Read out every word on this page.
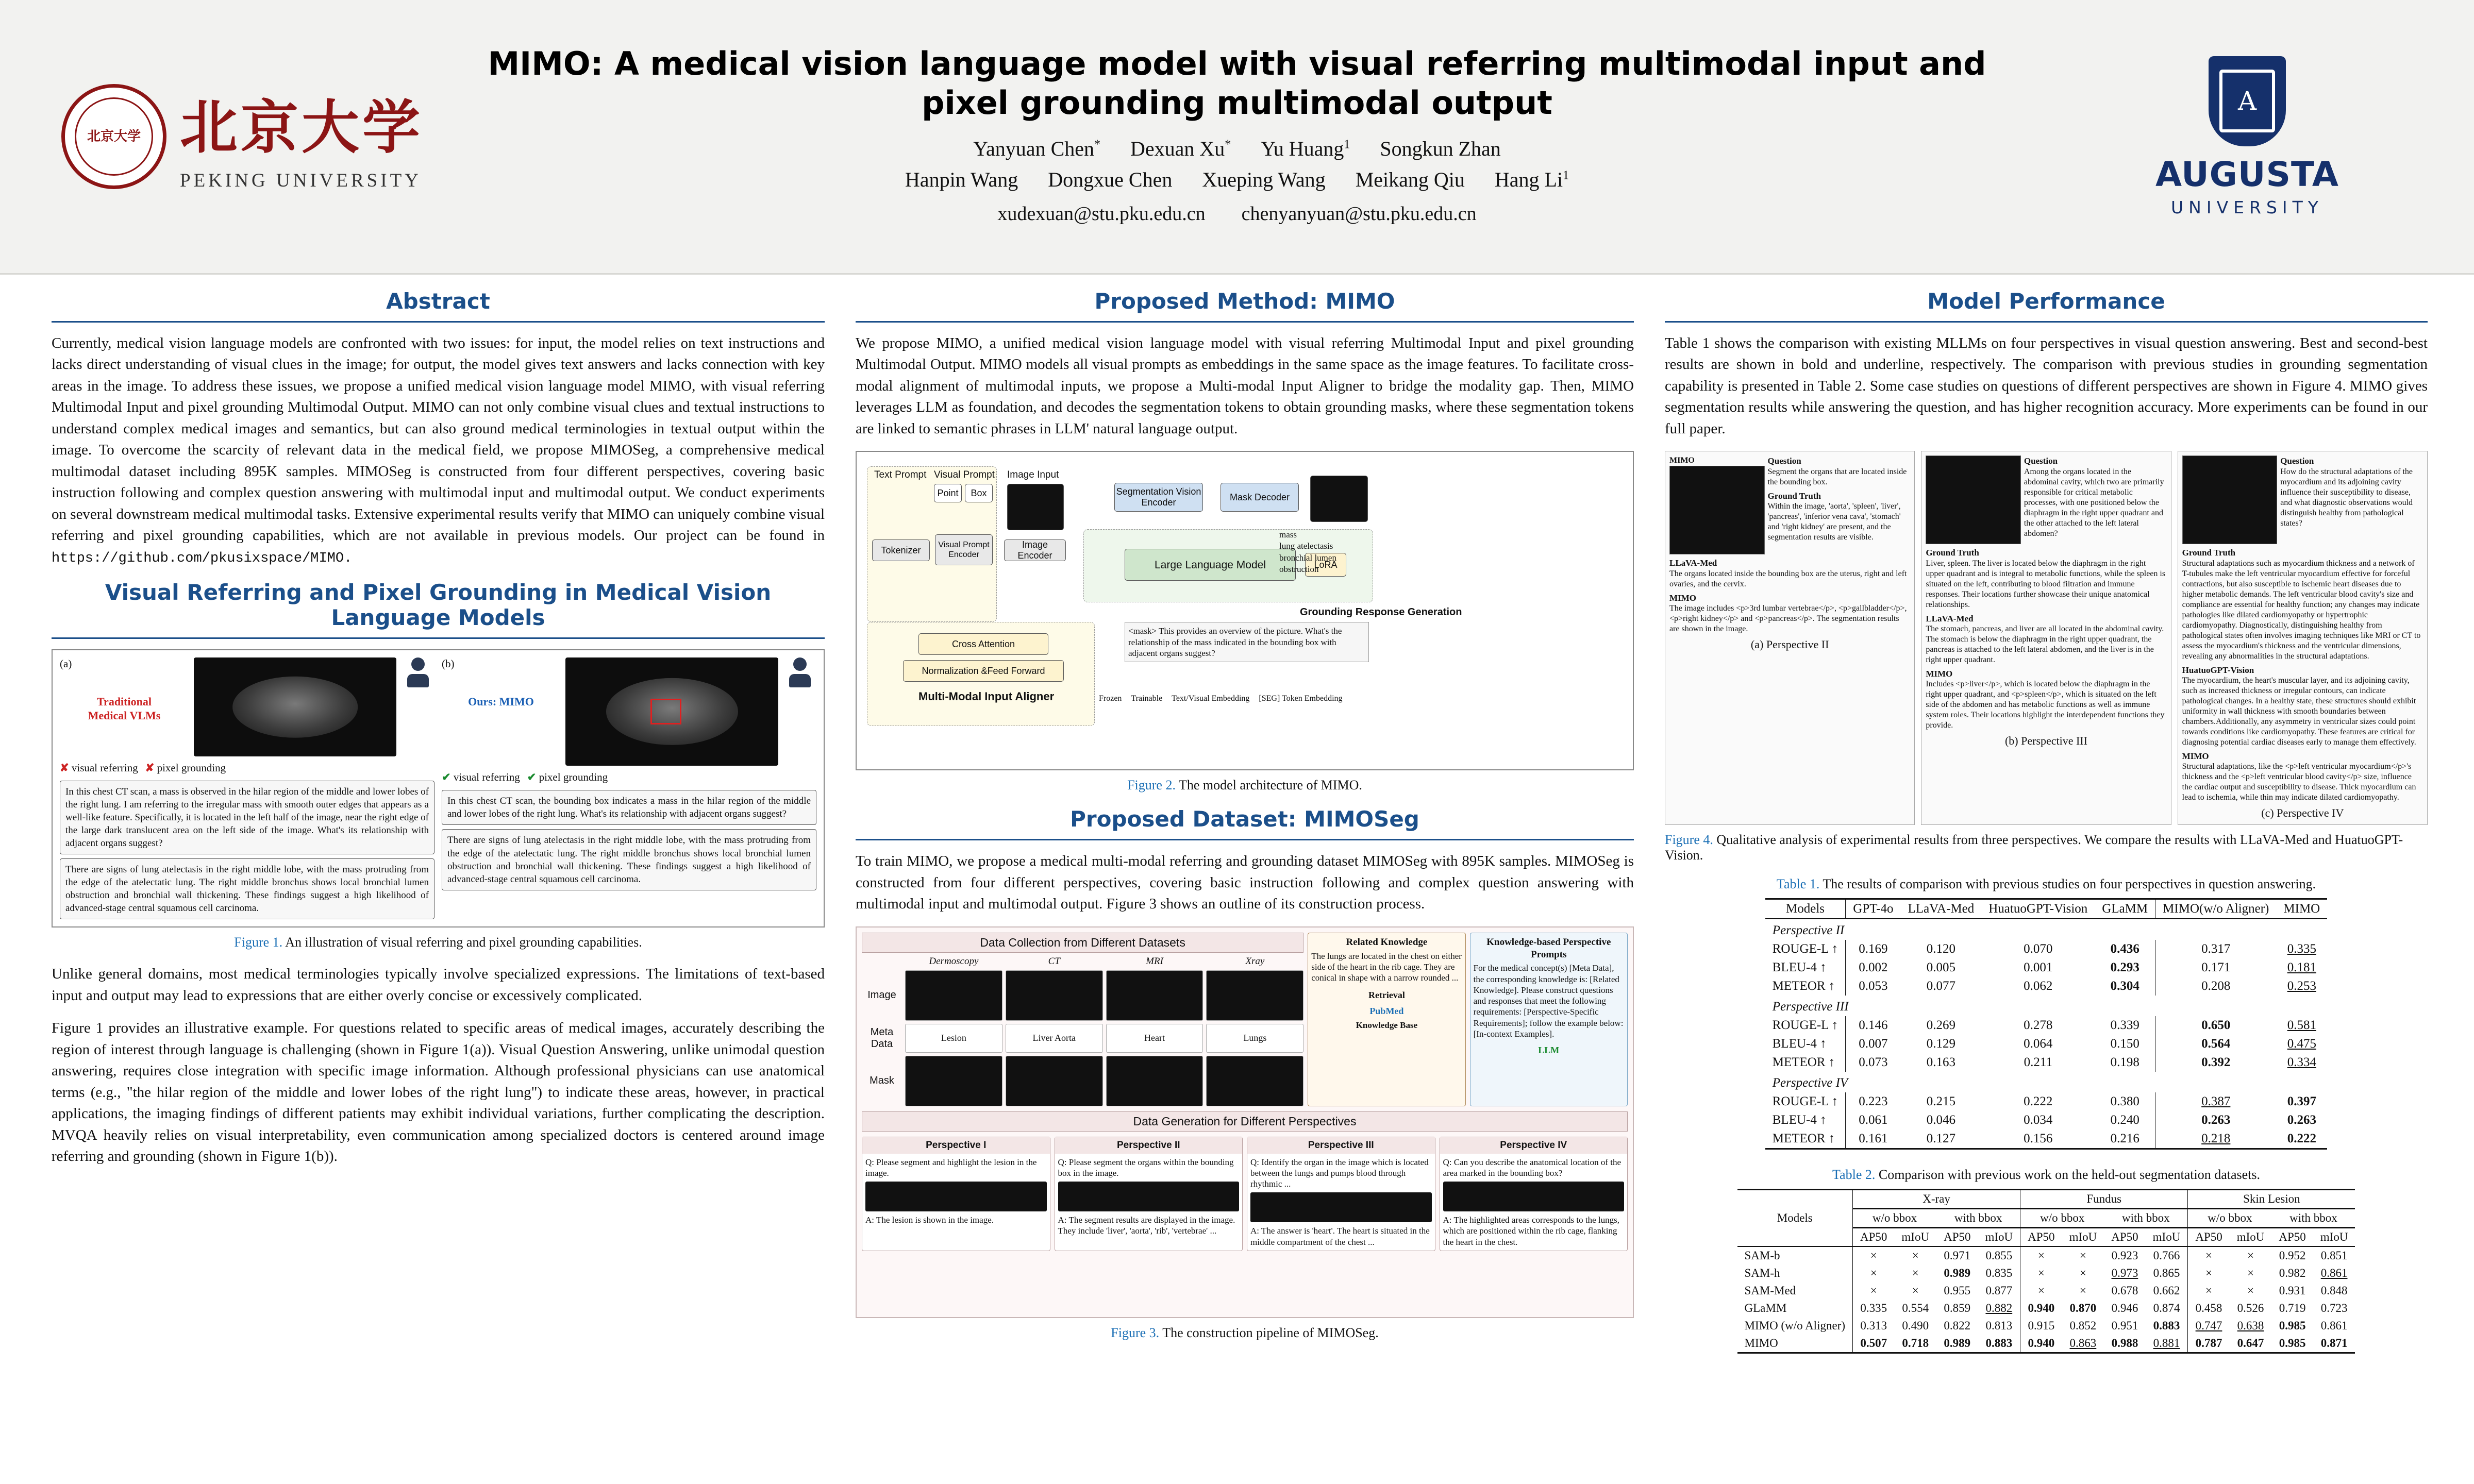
北京大学 北京大学
PEKING UNIVERSITY
MIMO: A medical vision language model with visual referring multimodal input and pixel grounding multimodal output
Yanyuan Chen* Dexuan Xu* Yu Huang$^1$ Songkun Zhan
Hanpin Wang Dongxue Chen Xueping Wang Meikang Qiu Hang Li$^1$
xudexuan@stu.pku.edu.cn chenyanyuan@stu.pku.edu.cn
A
AUGUSTA
UNIVERSITY
Abstract

Currently, medical vision language models are confronted with two issues: for input, the model relies on text instructions and lacks direct understanding of visual clues in the image; for output, the model gives text answers and lacks connection with key areas in the image. To address these issues, we propose a unified medical vision language model MIMO, with visual referring Multimodal Input and pixel grounding Multimodal Output. MIMO can not only combine visual clues and textual instructions to understand complex medical images and semantics, but can also ground medical terminologies in textual output within the image. To overcome the scarcity of relevant data in the medical field, we propose MIMOSeg, a comprehensive medical multimodal dataset including 895K samples. MIMOSeg is constructed from four different perspectives, covering basic instruction following and complex question answering with multimodal input and multimodal output. We conduct experiments on several downstream medical multimodal tasks. Extensive experimental results verify that MIMO can uniquely combine visual referring and pixel grounding capabilities, which are not available in previous models. Our project can be found in https://github.com/pkusixspace/MIMO.

Visual Referring and Pixel Grounding in Medical Vision Language Models
(a)
Traditional
Medical VLMs
✘ visual referring ✘ pixel grounding
In this chest CT scan, a mass is observed in the hilar region of the middle and lower lobes of the right lung. I am referring to the irregular mass with smooth outer edges that appears as a well-like feature. Specifically, it is located in the left half of the image, near the right edge of the large dark translucent area on the left side of the image. What's its relationship with adjacent organs suggest?
There are signs of lung atelectasis in the right middle lobe, with the mass protruding from the edge of the atelectatic lung. The right middle bronchus shows local bronchial lumen obstruction and bronchial wall thickening. These findings suggest a high likelihood of advanced-stage central squamous cell carcinoma.
(b)
Ours: MIMO
✔ visual referring ✔ pixel grounding
In this chest CT scan, the bounding box indicates a mass in the hilar region of the middle and lower lobes of the right lung. What's its relationship with adjacent organs suggest?
There are signs of lung atelectasis in the right middle lobe, with the mass protruding from the edge of the atelectatic lung. The right middle bronchus shows local bronchial lumen obstruction and bronchial wall thickening. These findings suggest a high likelihood of advanced-stage central squamous cell carcinoma.
Figure 1. An illustration of visual referring and pixel grounding capabilities.

Unlike general domains, most medical terminologies typically involve specialized expressions. The limitations of text-based input and output may lead to expressions that are either overly concise or excessively complicated.

Figure 1 provides an illustrative example. For questions related to specific areas of medical images, accurately describing the region of interest through language is challenging (shown in Figure 1(a)). Visual Question Answering, unlike unimodal question answering, requires close integration with specific image information. Although professional physicians can use anatomical terms (e.g., "the hilar region of the middle and lower lobes of the right lung") to indicate these areas, however, in practical applications, the imaging findings of different patients may exhibit individual variations, further complicating the description. MVQA heavily relies on visual interpretability, even communication among specialized doctors is centered around image referring and grounding (shown in Figure 1(b)).

Proposed Method: MIMO

We propose MIMO, a unified medical vision language model with visual referring Multimodal Input and pixel grounding Multimodal Output. MIMO models all visual prompts as embeddings in the same space as the image features. To facilitate cross-modal alignment of multimodal inputs, we propose a Multi-modal Input Aligner to bridge the modality gap. Then, MIMO leverages LLM as foundation, and decodes the segmentation tokens to obtain grounding masks, where these segmentation tokens are linked to semantic phrases in LLM' natural language output.

Text Prompt Visual Prompt
Point	Box
Tokenizer	Visual Prompt Encoder
Image Input
Image Encoder
Segmentation Vision Encoder
Mask Decoder
Large Language Model	LoRA
Cross Attention
Normalization &Feed Forward
Multi-Modal Input Aligner
Grounding Response Generation
<mask> This provides an overview of the picture. What's the relationship of the mass indicated in the bounding box with adjacent organs suggest?
mass
lung atelectasis
bronchial lumen obstruction
Frozen Trainable Text/Visual Embedding [SEG] Token Embedding
Figure 2. The model architecture of MIMO.
Proposed Dataset: MIMOSeg

To train MIMO, we propose a medical multi-modal referring and grounding dataset MIMOSeg with 895K samples. MIMOSeg is constructed from four different perspectives, covering basic instruction following and complex question answering with multimodal input and multimodal output. Figure 3 shows an outline of its construction process.

Data Collection from Different Datasets
Dermoscopy	CT	MRI	Xray
Image
Meta Data
Lesion	Liver Aorta	Heart	Lungs
Mask
Related Knowledge
The lungs are located in the chest on either side of the heart in the rib cage. They are conical in shape with a narrow rounded ...
Retrieval
PubMed
Knowledge Base
Knowledge-based Perspective Prompts
For the medical concept(s) [Meta Data], the corresponding knowledge is: [Related Knowledge]. Please construct questions and responses that meet the following requirements: [Perspective-Specific Requirements]; follow the example below: [In-context Examples].
LLM
Data Generation for Different Perspectives
Perspective I
Q: Please segment and highlight the lesion in the image.
A: The lesion is shown in the image.
Perspective II
Q: Please segment the organs within the bounding box in the image.
A: The segment results are displayed in the image. They include 'liver', 'aorta', 'rib', 'vertebrae' ...
Perspective III
Q: Identify the organ in the image which is located between the lungs and pumps blood through rhythmic ...
A: The answer is 'heart'. The heart is situated in the middle compartment of the chest ...
Perspective IV
Q: Can you describe the anatomical location of the area marked in the bounding box?
A: The highlighted areas corresponds to the lungs, which are positioned within the rib cage, flanking the heart in the chest.
Figure 3. The construction pipeline of MIMOSeg.
Model Performance

Table 1 shows the comparison with existing MLLMs on four perspectives in visual question answering. Best and second-best results are shown in bold and underline, respectively. The comparison with previous studies in grounding segmentation capability is presented in Table 2. Some case studies on questions of different perspectives are shown in Figure 4. MIMO gives segmentation results while answering the question, and has higher recognition accuracy. More experiments can be found in our full paper.

MIMO	Question
Segment the organs that are located inside the bounding box.
Ground Truth
Within the image, 'aorta', 'spleen', 'liver', 'pancreas', 'inferior vena cava', 'stomach' and 'right kidney' are present, and the segmentation results are visible.
LLaVA-Med
The organs located inside the bounding box are the uterus, right and left ovaries, and the cervix.
MIMO
The image includes <p>3rd lumbar vertebrae</p>, <p>gallbladder</p>, <p>right kidney</p> and <p>pancreas</p>. The segmentation results are shown in the image.
(a) Perspective II
Question
Among the organs located in the abdominal cavity, which two are primarily responsible for critical metabolic processes, with one positioned below the diaphragm in the right upper quadrant and the other attached to the left lateral abdomen?
Ground Truth
Liver, spleen. The liver is located below the diaphragm in the right upper quadrant and is integral to metabolic functions, while the spleen is situated on the left, contributing to blood filtration and immune responses. Their locations further showcase their unique anatomical relationships.
LLaVA-Med
The stomach, pancreas, and liver are all located in the abdominal cavity. The stomach is below the diaphragm in the right upper quadrant, the pancreas is attached to the left lateral abdomen, and the liver is in the right upper quadrant.
MIMO
Includes <p>liver</p>, which is located below the diaphragm in the right upper quadrant, and <p>spleen</p>, which is situated on the left side of the abdomen and has metabolic functions as well as immune system roles. Their locations highlight the interdependent functions they provide.
(b) Perspective III
Question
How do the structural adaptations of the myocardium and its adjoining cavity influence their susceptibility to disease, and what diagnostic observations would distinguish healthy from pathological states?
Ground Truth
Structural adaptations such as myocardium thickness and a network of T-tubules make the left ventricular myocardium effective for forceful contractions, but also susceptible to ischemic heart diseases due to higher metabolic demands. The left ventricular blood cavity's size and compliance are essential for healthy function; any changes may indicate pathologies like dilated cardiomyopathy or hypertrophic cardiomyopathy. Diagnostically, distinguishing healthy from pathological states often involves imaging techniques like MRI or CT to assess the myocardium's thickness and the ventricular dimensions, revealing any abnormalities in the structural adaptations.
HuatuoGPT-Vision
The myocardium, the heart's muscular layer, and its adjoining cavity, such as increased thickness or irregular contours, can indicate pathological changes. In a healthy state, these structures should exhibit uniformity in wall thickness with smooth boundaries between chambers.Additionally, any asymmetry in ventricular sizes could point towards conditions like cardiomyopathy. These features are critical for diagnosing potential cardiac diseases early to manage them effectively.
MIMO
Structural adaptations, like the <p>left ventricular myocardium</p>'s thickness and the <p>left ventricular blood cavity</p> size, influence the cardiac output and susceptibility to disease. Thick myocardium can lead to ischemia, while thin may indicate dilated cardiomyopathy.
(c) Perspective IV
Figure 4. Qualitative analysis of experimental results from three perspectives. We compare the results with LLaVA-Med and HuatuoGPT-Vision.
Table 1. The results of comparison with previous studies on four perspectives in question answering.
Models	GPT-4o	LLaVA-Med	HuatuoGPT-Vision	GLaMM	MIMO(w/o Aligner)	MIMO
Perspective II						
ROUGE-L ↑	0.169	0.120	0.070	0.436	0.317	0.335
BLEU-4 ↑	0.002	0.005	0.001	0.293	0.171	0.181
METEOR ↑	0.053	0.077	0.062	0.304	0.208	0.253
Perspective III						
ROUGE-L ↑	0.146	0.269	0.278	0.339	0.650	0.581
BLEU-4 ↑	0.007	0.129	0.064	0.150	0.564	0.475
METEOR ↑	0.073	0.163	0.211	0.198	0.392	0.334
Perspective IV						
ROUGE-L ↑	0.223	0.215	0.222	0.380	0.387	0.397
BLEU-4 ↑	0.061	0.046	0.034	0.240	0.263	0.263
METEOR ↑	0.161	0.127	0.156	0.216	0.218	0.222
Table 2. Comparison with previous work on the held-out segmentation datasets.
Models	X-ray				Fundus				Skin Lesion			
	w/o bbox		with bbox		w/o bbox		with bbox		w/o bbox		with bbox	
	AP50	mIoU	AP50	mIoU	AP50	mIoU	AP50	mIoU	AP50	mIoU	AP50	mIoU
SAM-b	×	×	0.971	0.855	×	×	0.923	0.766	×	×	0.952	0.851
SAM-h	×	×	0.989	0.835	×	×	0.973	0.865	×	×	0.982	0.861
SAM-Med	×	×	0.955	0.877	×	×	0.678	0.662	×	×	0.931	0.848
GLaMM	0.335	0.554	0.859	0.882	0.940	0.870	0.946	0.874	0.458	0.526	0.719	0.723
MIMO (w/o Aligner)	0.313	0.490	0.822	0.813	0.915	0.852	0.951	0.883	0.747	0.638	0.985	0.861
MIMO	0.507	0.718	0.989	0.883	0.940	0.863	0.988	0.881	0.787	0.647	0.985	0.871
